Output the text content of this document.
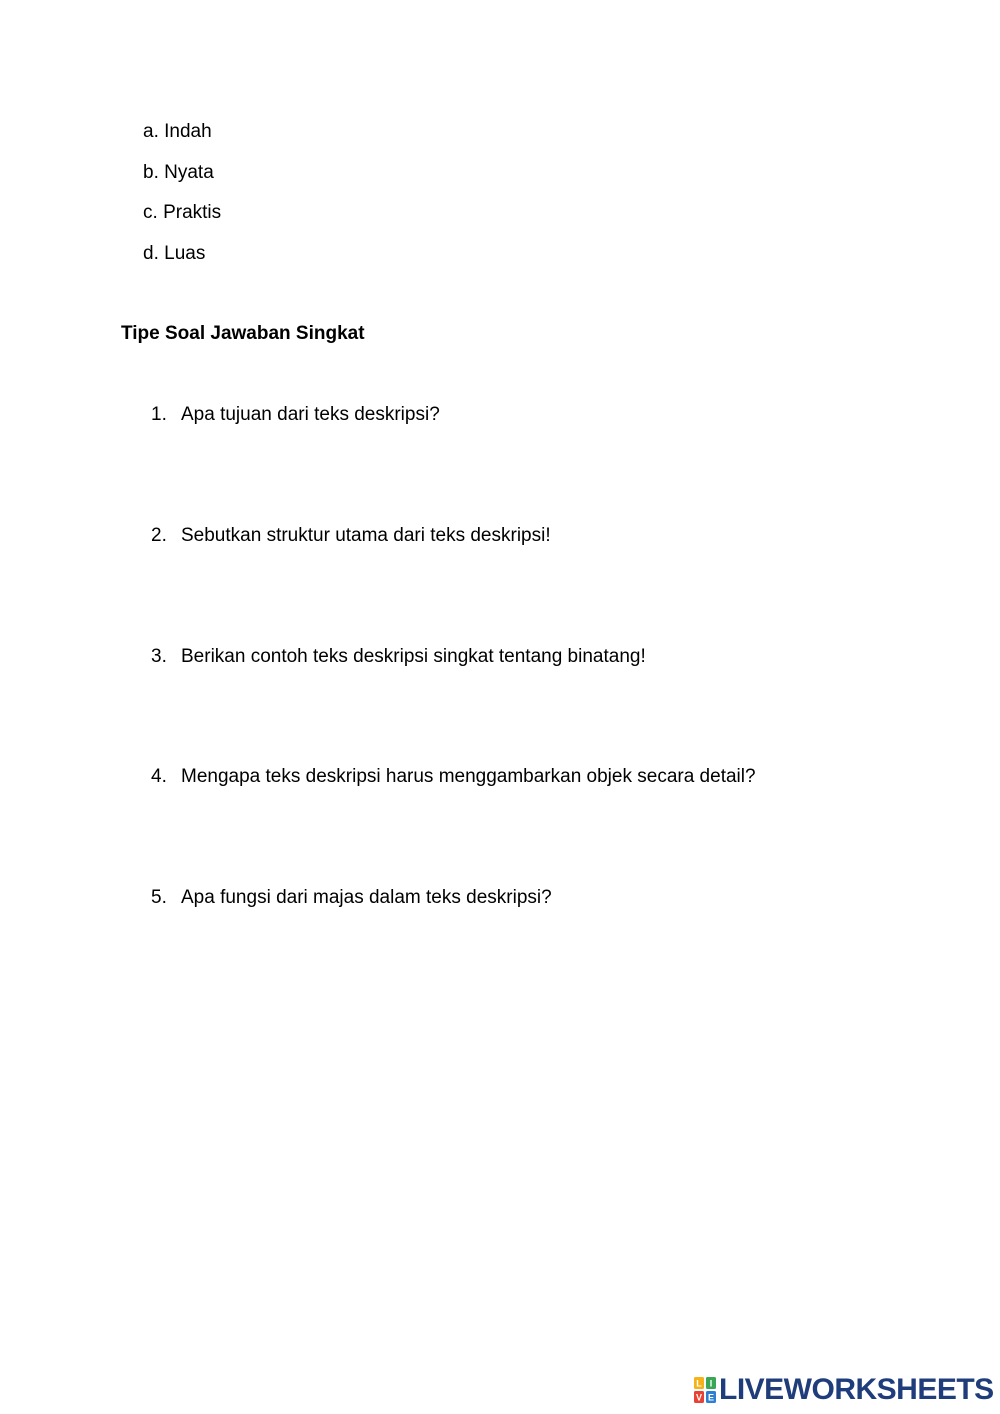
a. Indah
b. Nyata
c. Praktis
d. Luas
Tipe Soal Jawaban Singkat
1. Apa tujuan dari teks deskripsi?
2. Sebutkan struktur utama dari teks deskripsi!
3. Berikan contoh teks deskripsi singkat tentang binatang!
4. Mengapa teks deskripsi harus menggambarkan objek secara detail?
5. Apa fungsi dari majas dalam teks deskripsi?
L I
V E LIVEWORKSHEETS
